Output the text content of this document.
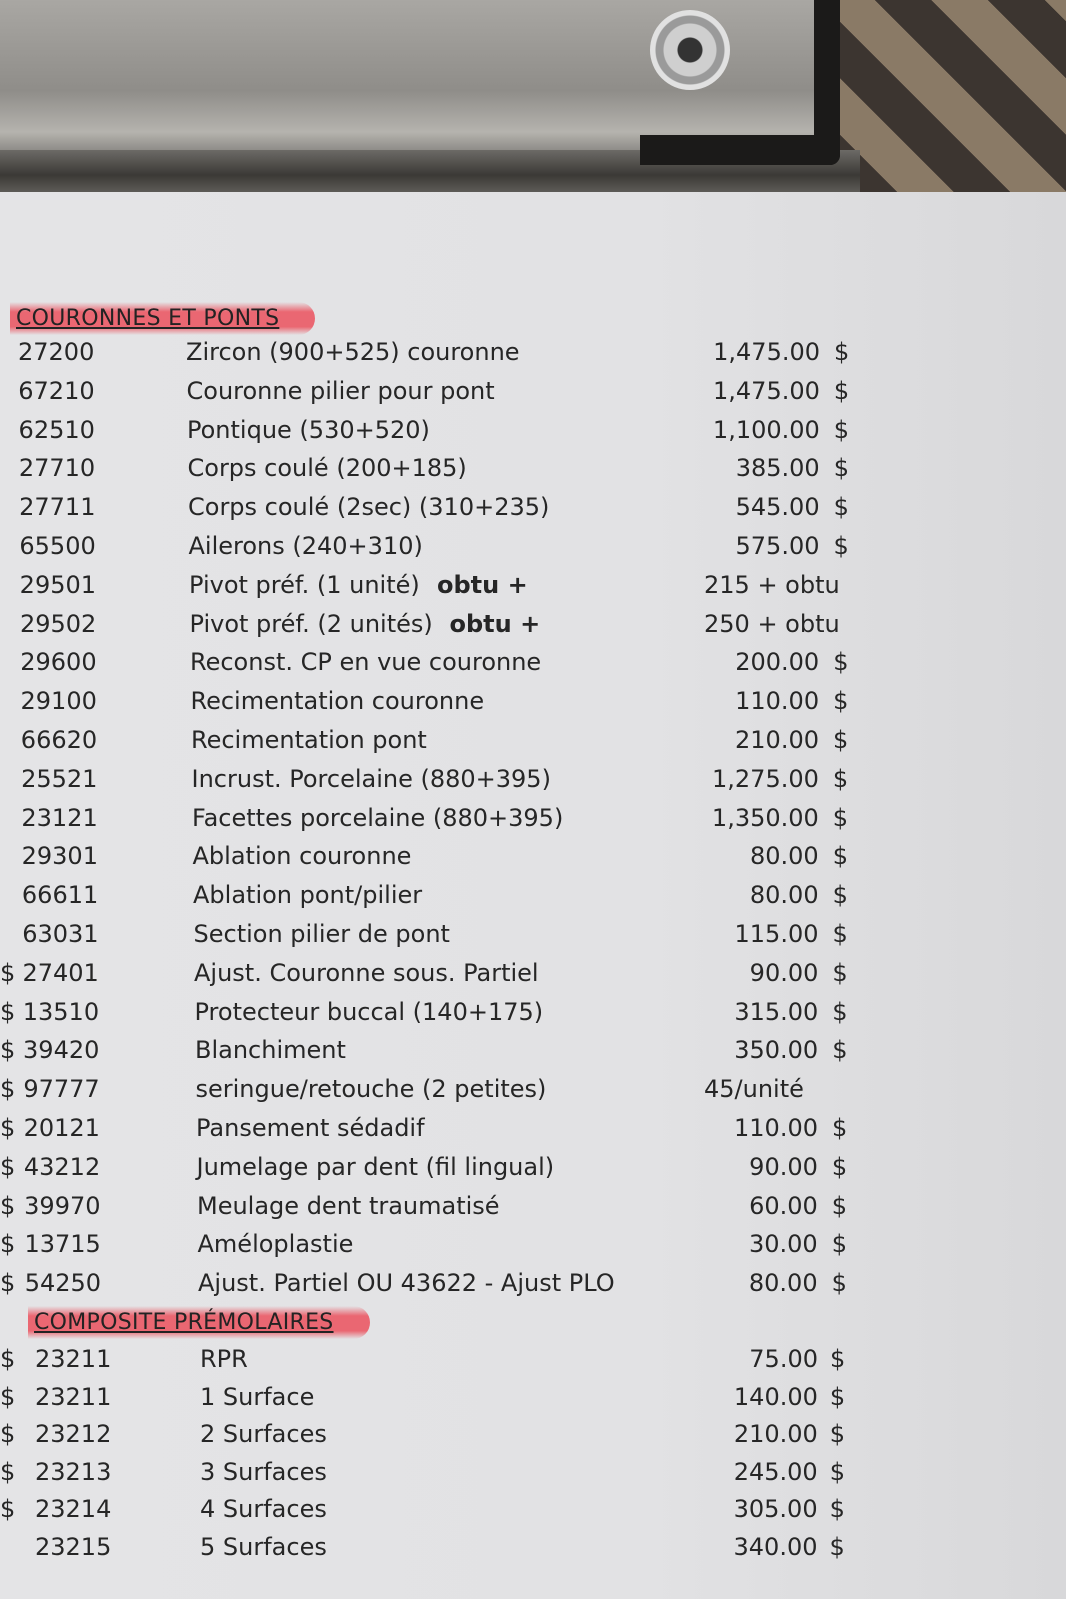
COURONNES ET PONTS
27200	Zircon (900+525) couronne	1,475.00 $
67210	Couronne pilier pour pont	1,475.00 $
62510	Pontique (530+520)	1,100.00 $
27710	Corps coulé (200+185)	385.00 $
27711	Corps coulé (2sec) (310+235)	545.00 $
65500	Ailerons (240+310)	575.00 $
29501	Pivot préf. (1 unité) obtu +	215 + obtu
29502	Pivot préf. (2 unités) obtu +	250 + obtu
29600	Reconst. CP en vue couronne	200.00 $
29100	Recimentation couronne	110.00 $
66620	Recimentation pont	210.00 $
25521	Incrust. Porcelaine (880+395)	1,275.00 $
23121	Facettes porcelaine (880+395)	1,350.00 $
29301	Ablation couronne	80.00 $
66611	Ablation pont/pilier	80.00 $
63031	Section pilier de pont	115.00 $
$ 27401	Ajust. Couronne sous. Partiel	90.00 $
$ 13510	Protecteur buccal (140+175)	315.00 $
$ 39420	Blanchiment	350.00 $
$ 97777	seringue/retouche (2 petites)	45/unité
$ 20121	Pansement sédadif	110.00 $
$ 43212	Jumelage par dent (fil lingual)	90.00 $
$ 39970	Meulage dent traumatisé	60.00 $
$ 13715	Améloplastie	30.00 $
$ 54250	Ajust. Partiel OU 43622 - Ajust PLO	80.00 $
COMPOSITE PRÉMOLAIRES
$ 23211	RPR	75.00 $
$ 23211	1 Surface	140.00 $
$ 23212	2 Surfaces	210.00 $
$ 23213	3 Surfaces	245.00 $
$ 23214	4 Surfaces	305.00 $
23215	5 Surfaces	340.00 $
